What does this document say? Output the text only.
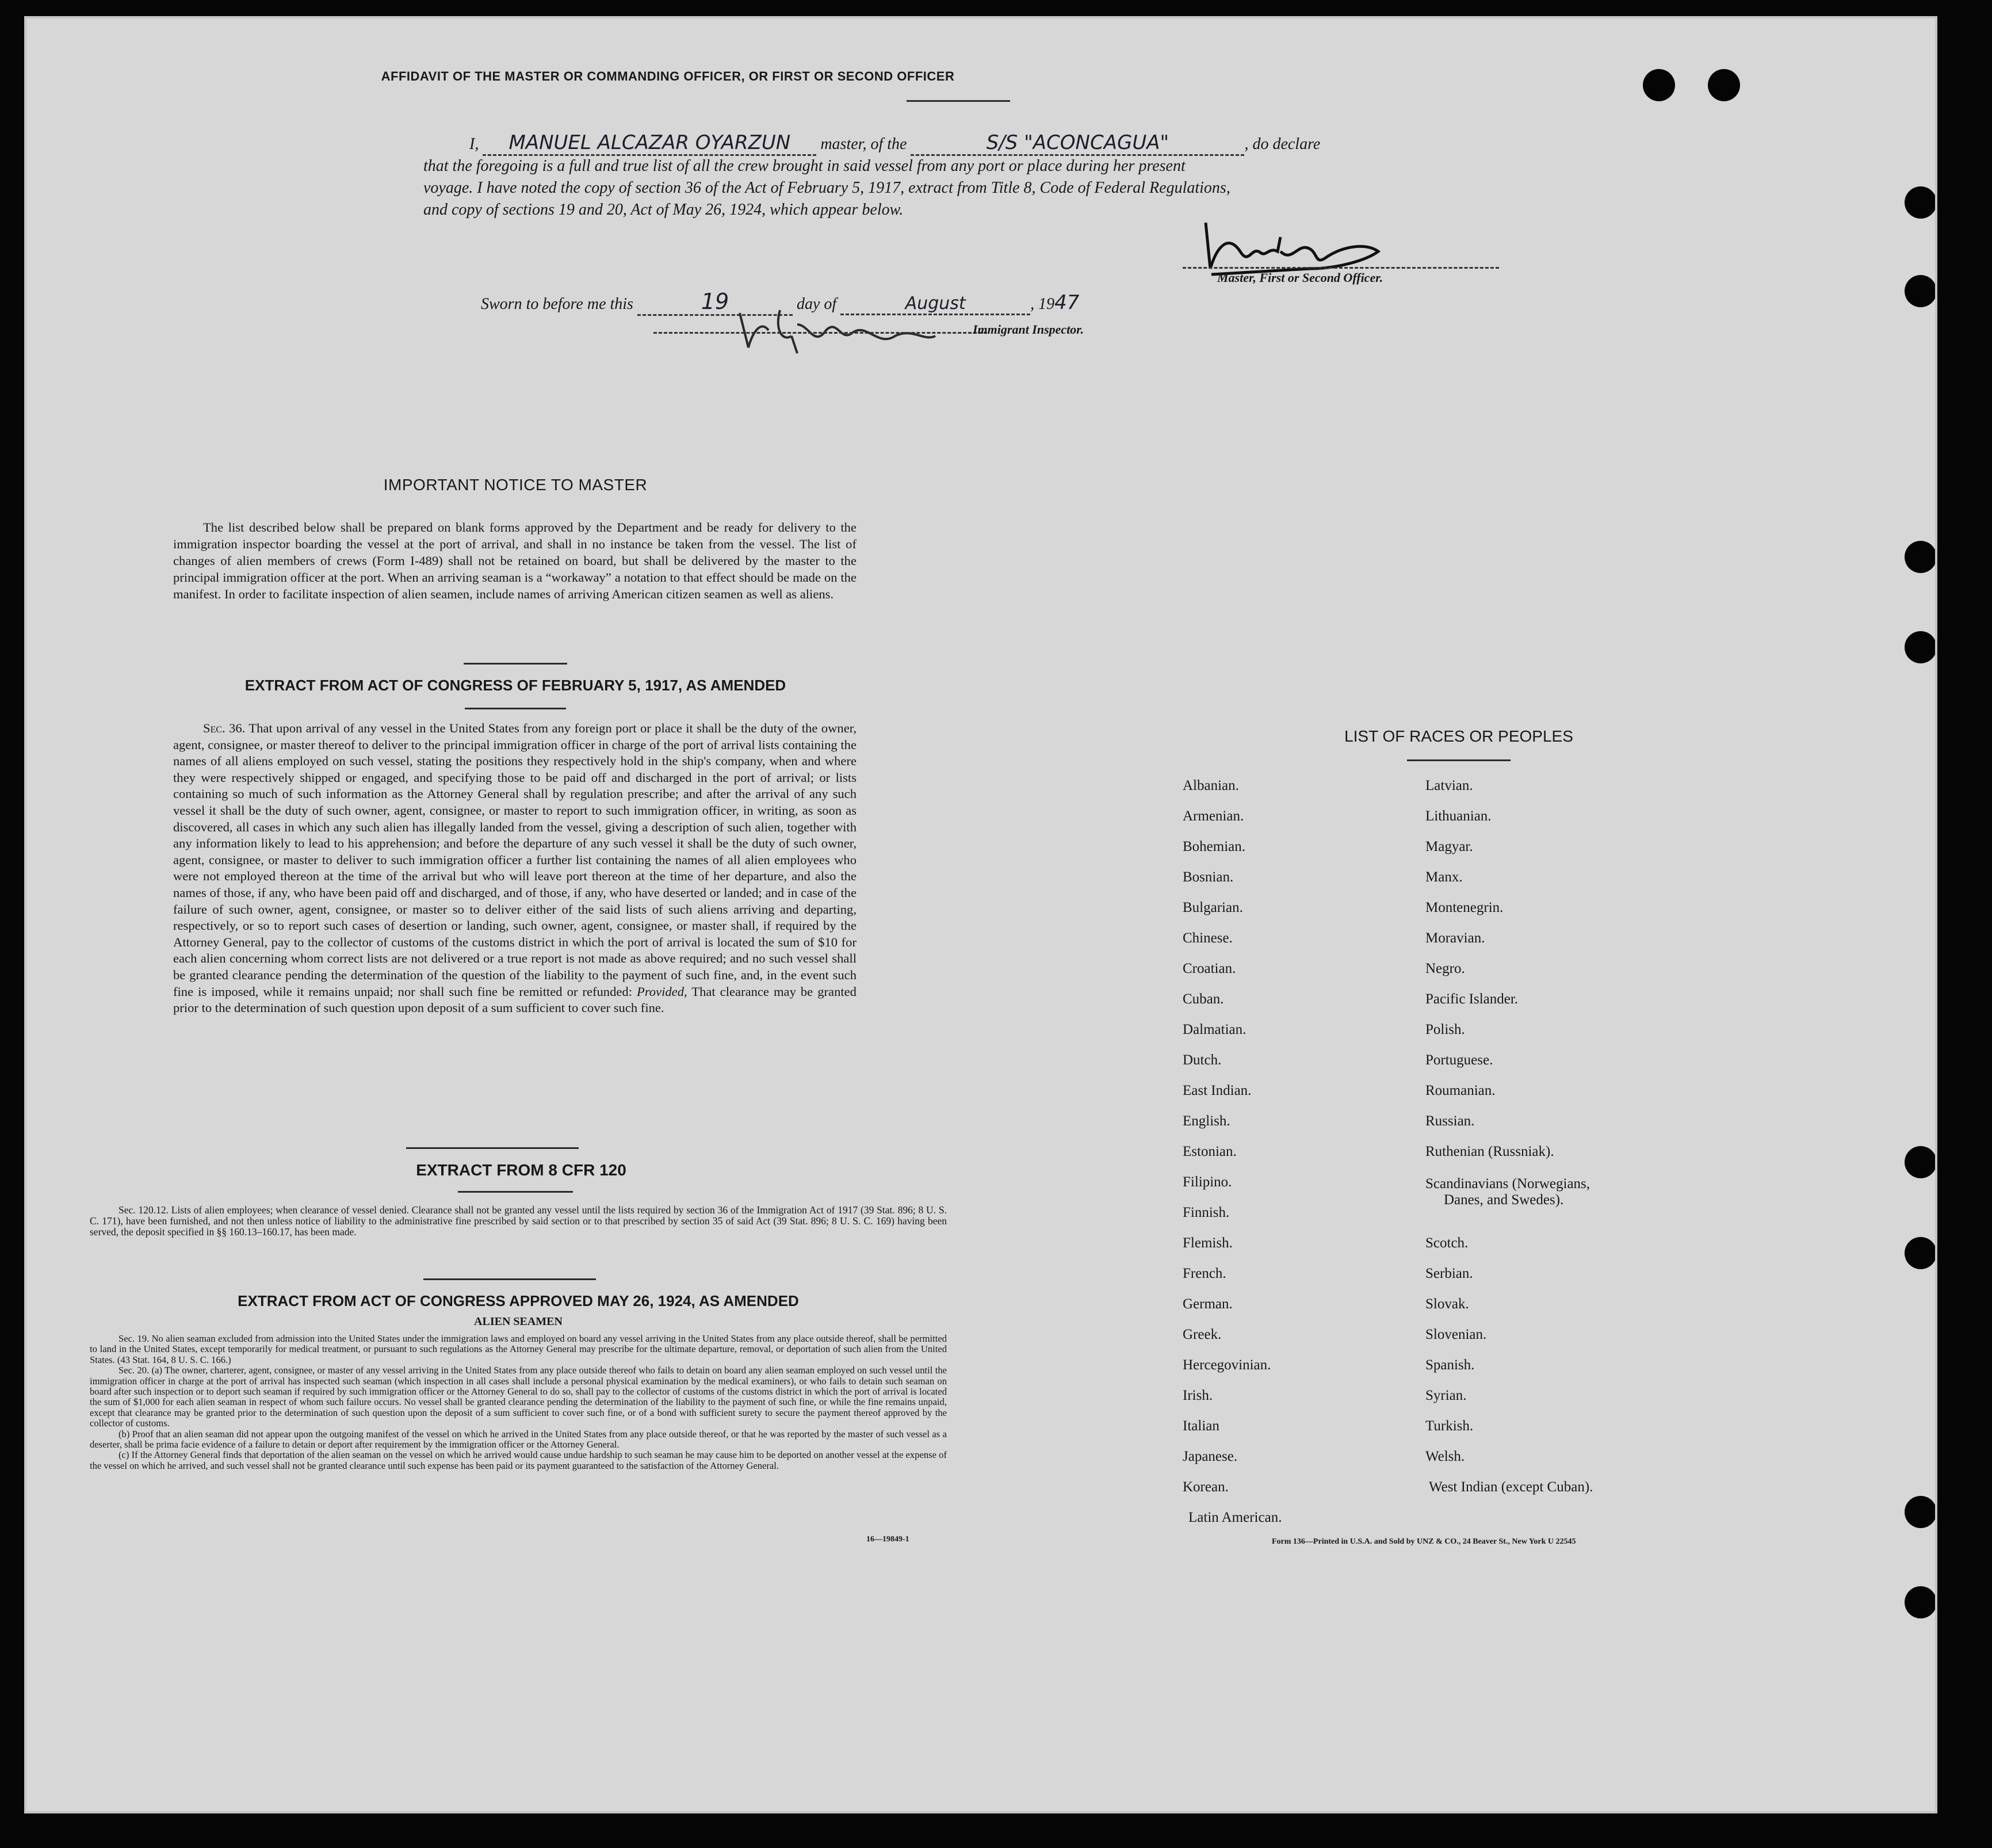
AFFIDAVIT OF THE MASTER OR COMMANDING OFFICER, OR FIRST OR SECOND OFFICER
I, MANUEL ALCAZAR OYARZUN master, of the	S/S "ACONCAGUA"	, do declare
that the foregoing is a full and true list of all the crew brought in said vessel from any port or place during her present
voyage. I have noted the copy of section 36 of the Act of February 5, 1917, extract from Title 8, Code of Federal Regulations,
and copy of sections 19 and 20, Act of May 26, 1924, which appear below.
Master, First or Second Officer.
Sworn to before me this	19	day of	August	, 1947
Immigrant Inspector.
IMPORTANT NOTICE TO MASTER
The list described below shall be prepared on blank forms approved by the Department and be ready for delivery to the immigration inspector boarding the vessel at the port of arrival, and shall in no instance be taken from the vessel. The list of changes of alien members of crews (Form I-489) shall not be retained on board, but shall be delivered by the master to the principal immigration officer at the port. When an arriving seaman is a “workaway” a notation to that effect should be made on the manifest. In order to facilitate inspection of alien seamen, include names of arriving American citizen seamen as well as aliens.
EXTRACT FROM ACT OF CONGRESS OF FEBRUARY 5, 1917, AS AMENDED
Sec. 36. That upon arrival of any vessel in the United States from any foreign port or place it shall be the duty of the owner, agent, consignee, or master thereof to deliver to the principal immigration officer in charge of the port of arrival lists containing the names of all aliens employed on such vessel, stating the positions they respectively hold in the ship's company, when and where they were respectively shipped or engaged, and specifying those to be paid off and discharged in the port of arrival; or lists containing so much of such information as the Attorney General shall by regulation prescribe; and after the arrival of any such vessel it shall be the duty of such owner, agent, consignee, or master to report to such immigration officer, in writing, as soon as discovered, all cases in which any such alien has illegally landed from the vessel, giving a description of such alien, together with any information likely to lead to his apprehension; and before the departure of any such vessel it shall be the duty of such owner, agent, consignee, or master to deliver to such immigration officer a further list containing the names of all alien employees who were not employed thereon at the time of the arrival but who will leave port thereon at the time of her departure, and also the names of those, if any, who have been paid off and discharged, and of those, if any, who have deserted or landed; and in case of the failure of such owner, agent, consignee, or master so to deliver either of the said lists of such aliens arriving and departing, respectively, or so to report such cases of desertion or landing, such owner, agent, consignee, or master shall, if required by the Attorney General, pay to the collector of customs of the customs district in which the port of arrival is located the sum of $10 for each alien concerning whom correct lists are not delivered or a true report is not made as above required; and no such vessel shall be granted clearance pending the determination of the question of the liability to the payment of such fine, and, in the event such fine is imposed, while it remains unpaid; nor shall such fine be remitted or refunded: Provided, That clearance may be granted prior to the determination of such question upon deposit of a sum sufficient to cover such fine.
EXTRACT FROM 8 CFR 120
Sec. 120.12. Lists of alien employees; when clearance of vessel denied. Clearance shall not be granted any vessel until the lists required by section 36 of the Immigration Act of 1917 (39 Stat. 896; 8 U. S. C. 171), have been furnished, and not then unless notice of liability to the administrative fine prescribed by said section or to that prescribed by section 35 of said Act (39 Stat. 896; 8 U. S. C. 169) having been served, the deposit specified in §§ 160.13–160.17, has been made.
EXTRACT FROM ACT OF CONGRESS APPROVED MAY 26, 1924, AS AMENDED
ALIEN SEAMEN
Sec. 19. No alien seaman excluded from admission into the United States under the immigration laws and employed on board any vessel arriving in the United States from any place outside thereof, shall be permitted to land in the United States, except temporarily for medical treatment, or pursuant to such regulations as the Attorney General may prescribe for the ultimate departure, removal, or deportation of such alien from the United States. (43 Stat. 164, 8 U. S. C. 166.)
Sec. 20. (a) The owner, charterer, agent, consignee, or master of any vessel arriving in the United States from any place outside thereof who fails to detain on board any alien seaman employed on such vessel until the immigration officer in charge at the port of arrival has inspected such seaman (which inspection in all cases shall include a personal physical examination by the medical examiners), or who fails to detain such seaman on board after such inspection or to deport such seaman if required by such immigration officer or the Attorney General to do so, shall pay to the collector of customs of the customs district in which the port of arrival is located the sum of $1,000 for each alien seaman in respect of whom such failure occurs. No vessel shall be granted clearance pending the determination of the liability to the payment of such fine, or while the fine remains unpaid, except that clearance may be granted prior to the determination of such question upon the deposit of a sum sufficient to cover such fine, or of a bond with sufficient surety to secure the payment thereof approved by the collector of customs.
(b) Proof that an alien seaman did not appear upon the outgoing manifest of the vessel on which he arrived in the United States from any place outside thereof, or that he was reported by the master of such vessel as a deserter, shall be prima facie evidence of a failure to detain or deport after requirement by the immigration officer or the Attorney General.
(c) If the Attorney General finds that deportation of the alien seaman on the vessel on which he arrived would cause undue hardship to such seaman he may cause him to be deported on another vessel at the expense of the vessel on which he arrived, and such vessel shall not be granted clearance until such expense has been paid or its payment guaranteed to the satisfaction of the Attorney General.
16—19849-1
LIST OF RACES OR PEOPLES
Albanian.
Armenian.
Bohemian.
Bosnian.
Bulgarian.
Chinese.
Croatian.
Cuban.
Dalmatian.
Dutch.
East Indian.
English.
Estonian.
Filipino.
Finnish.
Flemish.
French.
German.
Greek.
Hercegovinian.
Irish.
Italian
Japanese.
Korean.
Latin American.
Latvian.
Lithuanian.
Magyar.
Manx.
Montenegrin.
Moravian.
Negro.
Pacific Islander.
Polish.
Portuguese.
Roumanian.
Russian.
Ruthenian (Russniak).
Scandinavians (Norwegians,
Danes, and Swedes).
Scotch.
Serbian.
Slovak.
Slovenian.
Spanish.
Syrian.
Turkish.
Welsh.
West Indian (except Cuban).
Form 136—Printed in U.S.A. and Sold by UNZ & CO., 24 Beaver St., New York U 22545
